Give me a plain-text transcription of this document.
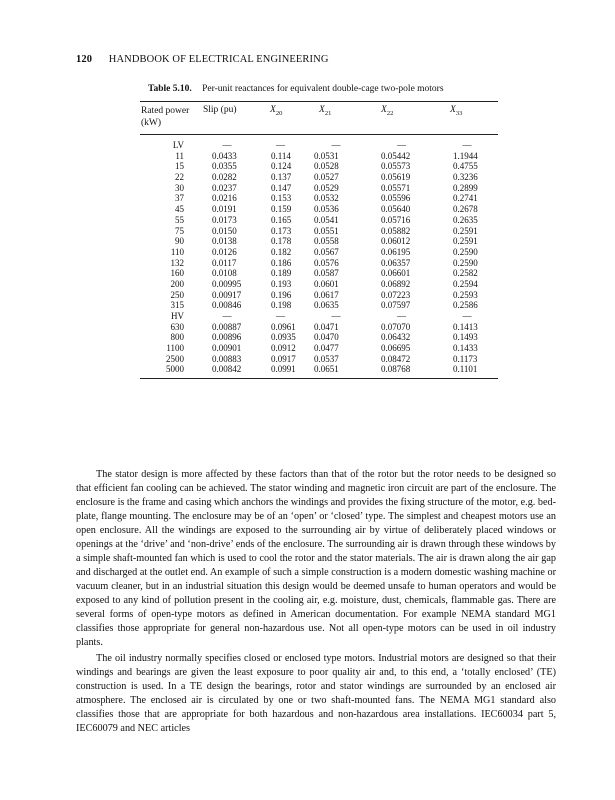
120 HANDBOOK OF ELECTRICAL ENGINEERING
Table 5.10. Per-unit reactances for equivalent double-cage two-pole motors
Rated power
(kW)
Slip (pu)	$X_{20}$	$X_{21}$	$X_{22}$	$X_{33}$
LV	—	—	—	—	—
11	0.0433	0.114	0.0531	0.05442	1.1944
15	0.0355	0.124	0.0528	0.05573	0.4755
22	0.0282	0.137	0.0527	0.05619	0.3236
30	0.0237	0.147	0.0529	0.05571	0.2899
37	0.0216	0.153	0.0532	0.05596	0.2741
45	0.0191	0.159	0.0536	0.05640	0.2678
55	0.0173	0.165	0.0541	0.05716	0.2635
75	0.0150	0.173	0.0551	0.05882	0.2591
90	0.0138	0.178	0.0558	0.06012	0.2591
110	0.0126	0.182	0.0567	0.06195	0.2590
132	0.0117	0.186	0.0576	0.06357	0.2590
160	0.0108	0.189	0.0587	0.06601	0.2582
200	0.00995	0.193	0.0601	0.06892	0.2594
250	0.00917	0.196	0.0617	0.07223	0.2593
315	0.00846	0.198	0.0635	0.07597	0.2586
HV	—	—	—	—	—
630	0.00887	0.0961	0.0471	0.07070	0.1413
800	0.00896	0.0935	0.0470	0.06432	0.1493
1100	0.00901	0.0912	0.0477	0.06695	0.1433
2500	0.00883	0.0917	0.0537	0.08472	0.1173
5000	0.00842	0.0991	0.0651	0.08768	0.1101

The stator design is more affected by these factors than that of the rotor but the rotor needs to be designed so that efficient fan cooling can be achieved. The stator winding and magnetic iron circuit are part of the enclosure. The enclosure is the frame and casing which anchors the windings and provides the fixing structure of the motor, e.g. bed-plate, flange mounting. The enclosure may be of an ‘open’ or ‘closed’ type. The simplest and cheapest motors use an open enclosure. All the windings are exposed to the surrounding air by virtue of deliberately placed windows or openings at the ‘drive’ and ‘non-drive’ ends of the enclosure. The surrounding air is drawn through these windows by a simple shaft-mounted fan which is used to cool the rotor and the stator materials. The air is drawn along the air gap and discharged at the outlet end. An example of such a simple construction is a modern domestic washing machine or vacuum cleaner, but in an industrial situation this design would be deemed unsafe to human operators and would be exposed to any kind of pollution present in the cooling air, e.g. moisture, dust, chemicals, flammable gas. There are several forms of open-type motors as defined in American documentation. For example NEMA standard MG1 classifies those appropriate for general non-hazardous use. Not all open-type motors can be used in oil industry plants.

The oil industry normally specifies closed or enclosed type motors. Industrial motors are designed so that their windings and bearings are given the least exposure to poor quality air and, to this end, a ‘totally enclosed’ (TE) construction is used. In a TE design the bearings, rotor and stator windings are surrounded by an enclosed air atmosphere. The enclosed air is circulated by one or two shaft-mounted fans. The NEMA MG1 standard also classifies those that are appropriate for both hazardous and non-hazardous area installations. IEC60034 part 5, IEC60079 and NEC articles
